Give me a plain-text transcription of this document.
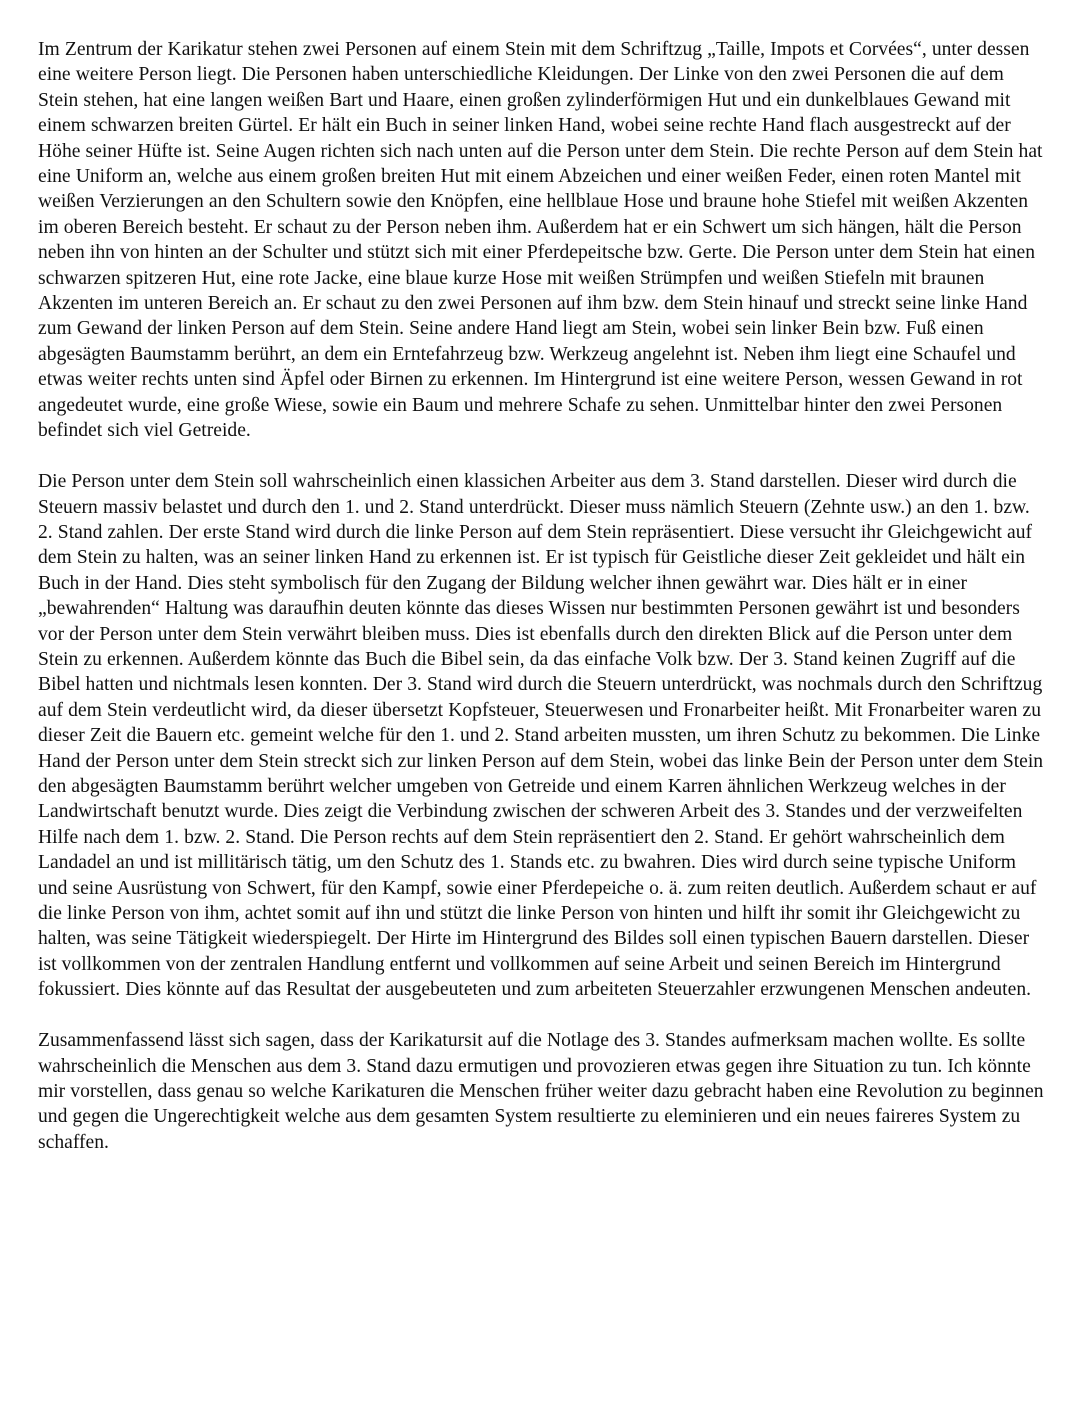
Im Zentrum der Karikatur stehen zwei Personen auf einem Stein mit dem Schriftzug „Taille, Impots et Corvées“, unter dessen eine weitere Person liegt. Die Personen haben unterschiedliche Kleidungen. Der Linke von den zwei Personen die auf dem Stein stehen, hat eine langen weißen Bart und Haare, einen großen zylinderförmigen Hut und ein dunkelblaues Gewand mit einem schwarzen breiten Gürtel. Er hält ein Buch in seiner linken Hand, wobei seine rechte Hand flach ausgestreckt auf der Höhe seiner Hüfte ist. Seine Augen richten sich nach unten auf die Person unter dem Stein. Die rechte Person auf dem Stein hat eine Uniform an, welche aus einem großen breiten Hut mit einem Abzeichen und einer weißen Feder, einen roten Mantel mit weißen Verzierungen an den Schultern sowie den Knöpfen, eine hellblaue Hose und braune hohe Stiefel mit weißen Akzenten im oberen Bereich besteht. Er schaut zu der Person neben ihm. Außerdem hat er ein Schwert um sich hängen, hält die Person neben ihn von hinten an der Schulter und stützt sich mit einer Pferdepeitsche bzw. Gerte. Die Person unter dem Stein hat einen schwarzen spitzeren Hut, eine rote Jacke, eine blaue kurze Hose mit weißen Strümpfen und weißen Stiefeln mit braunen Akzenten im unteren Bereich an. Er schaut zu den zwei Personen auf ihm bzw. dem Stein hinauf und streckt seine linke Hand zum Gewand der linken Person auf dem Stein. Seine andere Hand liegt am Stein, wobei sein linker Bein bzw. Fuß einen abgesägten Baumstamm berührt, an dem ein Erntefahrzeug bzw. Werkzeug angelehnt ist. Neben ihm liegt eine Schaufel und etwas weiter rechts unten sind Äpfel oder Birnen zu erkennen. Im Hintergrund ist eine weitere Person, wessen Gewand in rot angedeutet wurde, eine große Wiese, sowie ein Baum und mehrere Schafe zu sehen. Unmittelbar hinter den zwei Personen befindet sich viel Getreide.

Die Person unter dem Stein soll wahrscheinlich einen klassichen Arbeiter aus dem 3. Stand darstellen. Dieser wird durch die Steuern massiv belastet und durch den 1. und 2. Stand unterdrückt. Dieser muss nämlich Steuern (Zehnte usw.) an den 1. bzw. 2. Stand zahlen. Der erste Stand wird durch die linke Person auf dem Stein repräsentiert. Diese versucht ihr Gleichgewicht auf dem Stein zu halten, was an seiner linken Hand zu erkennen ist. Er ist typisch für Geistliche dieser Zeit gekleidet und hält ein Buch in der Hand. Dies steht symbolisch für den Zugang der Bildung welcher ihnen gewährt war. Dies hält er in einer „bewahrenden“ Haltung was daraufhin deuten könnte das dieses Wissen nur bestimmten Personen gewährt ist und besonders vor der Person unter dem Stein verwährt bleiben muss. Dies ist ebenfalls durch den direkten Blick auf die Person unter dem Stein zu erkennen. Außerdem könnte das Buch die Bibel sein, da das einfache Volk bzw. Der 3. Stand keinen Zugriff auf die Bibel hatten und nichtmals lesen konnten. Der 3. Stand wird durch die Steuern unterdrückt, was nochmals durch den Schriftzug auf dem Stein verdeutlicht wird, da dieser übersetzt Kopfsteuer, Steuerwesen und Fronarbeiter heißt. Mit Fronarbeiter waren zu dieser Zeit die Bauern etc. gemeint welche für den 1. und 2. Stand arbeiten mussten, um ihren Schutz zu bekommen. Die Linke Hand der Person unter dem Stein streckt sich zur linken Person auf dem Stein, wobei das linke Bein der Person unter dem Stein den abgesägten Baumstamm berührt welcher umgeben von Getreide und einem Karren ähnlichen Werkzeug welches in der Landwirtschaft benutzt wurde. Dies zeigt die Verbindung zwischen der schweren Arbeit des 3. Standes und der verzweifelten Hilfe nach dem 1. bzw. 2. Stand. Die Person rechts auf dem Stein repräsentiert den 2. Stand. Er gehört wahrscheinlich dem Landadel an und ist millitärisch tätig, um den Schutz des 1. Stands etc. zu bwahren. Dies wird durch seine typische Uniform und seine Ausrüstung von Schwert, für den Kampf, sowie einer Pferdepeiche o. ä. zum reiten deutlich. Außerdem schaut er auf die linke Person von ihm, achtet somit auf ihn und stützt die linke Person von hinten und hilft ihr somit ihr Gleichgewicht zu halten, was seine Tätigkeit wiederspiegelt. Der Hirte im Hintergrund des Bildes soll einen typischen Bauern darstellen. Dieser ist vollkommen von der zentralen Handlung entfernt und vollkommen auf seine Arbeit und seinen Bereich im Hintergrund fokussiert. Dies könnte auf das Resultat der ausgebeuteten und zum arbeiteten Steuerzahler erzwungenen Menschen andeuten.

Zusammenfassend lässt sich sagen, dass der Karikatursit auf die Notlage des 3. Standes aufmerksam machen wollte. Es sollte wahrscheinlich die Menschen aus dem 3. Stand dazu ermutigen und provozieren etwas gegen ihre Situation zu tun. Ich könnte mir vorstellen, dass genau so welche Karikaturen die Menschen früher weiter dazu gebracht haben eine Revolution zu beginnen und gegen die Ungerechtigkeit welche aus dem gesamten System resultierte zu eleminieren und ein neues faireres System zu schaffen.
